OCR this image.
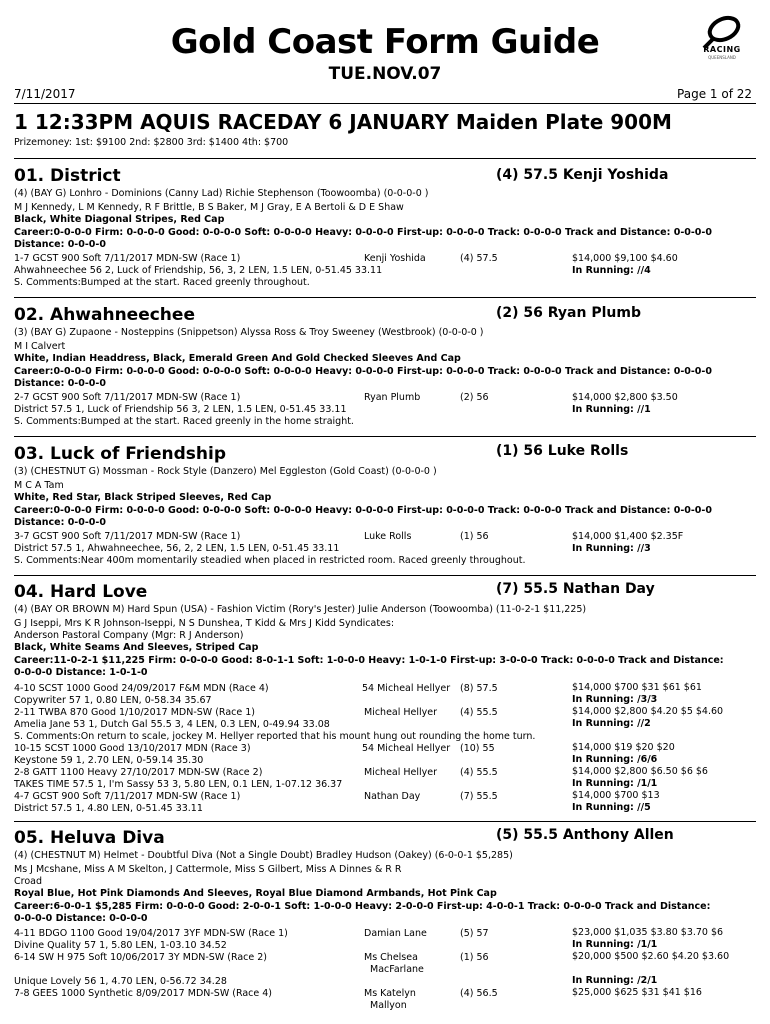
Gold Coast Form Guide
TUE.NOV.07
RACING
QUEENSLAND
7/11/2017	Page 1 of 22
1 12:33PM AQUIS RACEDAY 6 JANUARY Maiden Plate 900M
Prizemoney: 1st: $9100 2nd: $2800 3rd: $1400 4th: $700
01. District	(4) 57.5 Kenji Yoshida
(4) (BAY G) Lonhro - Dominions (Canny Lad) Richie Stephenson (Toowoomba) (0-0-0-0 )
M J Kennedy, L M Kennedy, R F Brittle, B S Baker, M J Gray, E A Bertoli & D E Shaw
Black, White Diagonal Stripes, Red Cap
Career:0-0-0-0 Firm: 0-0-0-0 Good: 0-0-0-0 Soft: 0-0-0-0 Heavy: 0-0-0-0 First-up: 0-0-0-0 Track: 0-0-0-0 Track and Distance: 0-0-0-0
Distance: 0-0-0-0
1-7 GCST 900 Soft 7/11/2017 MDN-SW (Race 1)	Kenji Yoshida	(4) 57.5	$14,000 $9,100 $4.60
Ahwahneechee 56 2, Luck of Friendship, 56, 3, 2 LEN, 1.5 LEN, 0-51.45 33.11	In Running: //4
S. Comments:Bumped at the start. Raced greenly throughout.
02. Ahwahneechee	(2) 56 Ryan Plumb
(3) (BAY G) Zupaone - Nosteppins (Snippetson) Alyssa Ross & Troy Sweeney (Westbrook) (0-0-0-0 )
M I Calvert
White, Indian Headdress, Black, Emerald Green And Gold Checked Sleeves And Cap
Career:0-0-0-0 Firm: 0-0-0-0 Good: 0-0-0-0 Soft: 0-0-0-0 Heavy: 0-0-0-0 First-up: 0-0-0-0 Track: 0-0-0-0 Track and Distance: 0-0-0-0
Distance: 0-0-0-0
2-7 GCST 900 Soft 7/11/2017 MDN-SW (Race 1)	Ryan Plumb	(2) 56	$14,000 $2,800 $3.50
District 57.5 1, Luck of Friendship 56 3, 2 LEN, 1.5 LEN, 0-51.45 33.11	In Running: //1
S. Comments:Bumped at the start. Raced greenly in the home straight.
03. Luck of Friendship	(1) 56 Luke Rolls
(3) (CHESTNUT G) Mossman - Rock Style (Danzero) Mel Eggleston (Gold Coast) (0-0-0-0 )
M C A Tam
White, Red Star, Black Striped Sleeves, Red Cap
Career:0-0-0-0 Firm: 0-0-0-0 Good: 0-0-0-0 Soft: 0-0-0-0 Heavy: 0-0-0-0 First-up: 0-0-0-0 Track: 0-0-0-0 Track and Distance: 0-0-0-0
Distance: 0-0-0-0
3-7 GCST 900 Soft 7/11/2017 MDN-SW (Race 1)	Luke Rolls	(1) 56	$14,000 $1,400 $2.35F
District 57.5 1, Ahwahneechee, 56, 2, 2 LEN, 1.5 LEN, 0-51.45 33.11	In Running: //3
S. Comments:Near 400m momentarily steadied when placed in restricted room. Raced greenly throughout.
04. Hard Love	(7) 55.5 Nathan Day
(4) (BAY OR BROWN M) Hard Spun (USA) - Fashion Victim (Rory's Jester) Julie Anderson (Toowoomba) (11-0-2-1 $11,225)
G J Iseppi, Mrs K R Johnson-Iseppi, N S Dunshea, T Kidd & Mrs J Kidd Syndicates:
Anderson Pastoral Company (Mgr: R J Anderson)
Black, White Seams And Sleeves, Striped Cap
Career:11-0-2-1 $11,225 Firm: 0-0-0-0 Good: 8-0-1-1 Soft: 1-0-0-0 Heavy: 1-0-1-0 First-up: 3-0-0-0 Track: 0-0-0-0 Track and Distance:
0-0-0-0 Distance: 1-0-1-0
4-10 SCST 1000 Good 24/09/2017 F&M MDN (Race 4)	54 Micheal Hellyer (8) 57.5	$14,000 $700 $31 $61 $61
Copywriter 57 1, 0.80 LEN, 0-58.34 35.67	In Running: /3/3
2-11 TWBA 870 Good 1/10/2017 MDN-SW (Race 1)	Micheal Hellyer (4) 55.5	$14,000 $2,800 $4.20 $5 $4.60
Amelia Jane 53 1, Dutch Gal 55.5 3, 4 LEN, 0.3 LEN, 0-49.94 33.08	In Running: //2
S. Comments:On return to scale, jockey M. Hellyer reported that his mount hung out rounding the home turn.
10-15 SCST 1000 Good 13/10/2017 MDN (Race 3)	54 Micheal Hellyer (10) 55	$14,000 $19 $20 $20
Keystone 59 1, 2.70 LEN, 0-59.14 35.30	In Running: /6/6
2-8 GATT 1100 Heavy 27/10/2017 MDN-SW (Race 2)	Micheal Hellyer (4) 55.5	$14,000 $2,800 $6.50 $6 $6
TAKES TIME 57.5 1, I'm Sassy 53 3, 5.80 LEN, 0.1 LEN, 1-07.12 36.37	In Running: /1/1
4-7 GCST 900 Soft 7/11/2017 MDN-SW (Race 1)	Nathan Day	(7) 55.5	$14,000 $700 $13
District 57.5 1, 4.80 LEN, 0-51.45 33.11	In Running: //5
05. Heluva Diva	(5) 55.5 Anthony Allen
(4) (CHESTNUT M) Helmet - Doubtful Diva (Not a Single Doubt) Bradley Hudson (Oakey) (6-0-0-1 $5,285)
Ms J Mcshane, Miss A M Skelton, J Cattermole, Miss S Gilbert, Miss A Dinnes & R R
Croad
Royal Blue, Hot Pink Diamonds And Sleeves, Royal Blue Diamond Armbands, Hot Pink Cap
Career:6-0-0-1 $5,285 Firm: 0-0-0-0 Good: 2-0-0-1 Soft: 1-0-0-0 Heavy: 2-0-0-0 First-up: 4-0-0-1 Track: 0-0-0-0 Track and Distance:
0-0-0-0 Distance: 0-0-0-0
4-11 BDGO 1100 Good 19/04/2017 3YF MDN-SW (Race 1)	Damian Lane	(5) 57	$23,000 $1,035 $3.80 $3.70 $6
Divine Quality 57 1, 5.80 LEN, 1-03.10 34.52	In Running: /1/1
6-14 SW H 975 Soft 10/06/2017 3Y MDN-SW (Race 2)	Ms Chelsea
MacFarlane
(1) 56	$20,000 $500 $2.60 $4.20 $3.60
Unique Lovely 56 1, 4.70 LEN, 0-56.72 34.28	In Running: /2/1
7-8 GEES 1000 Synthetic 8/09/2017 MDN-SW (Race 4)	Ms Katelyn
Mallyon
(4) 56.5	$25,000 $625 $31 $41 $16
